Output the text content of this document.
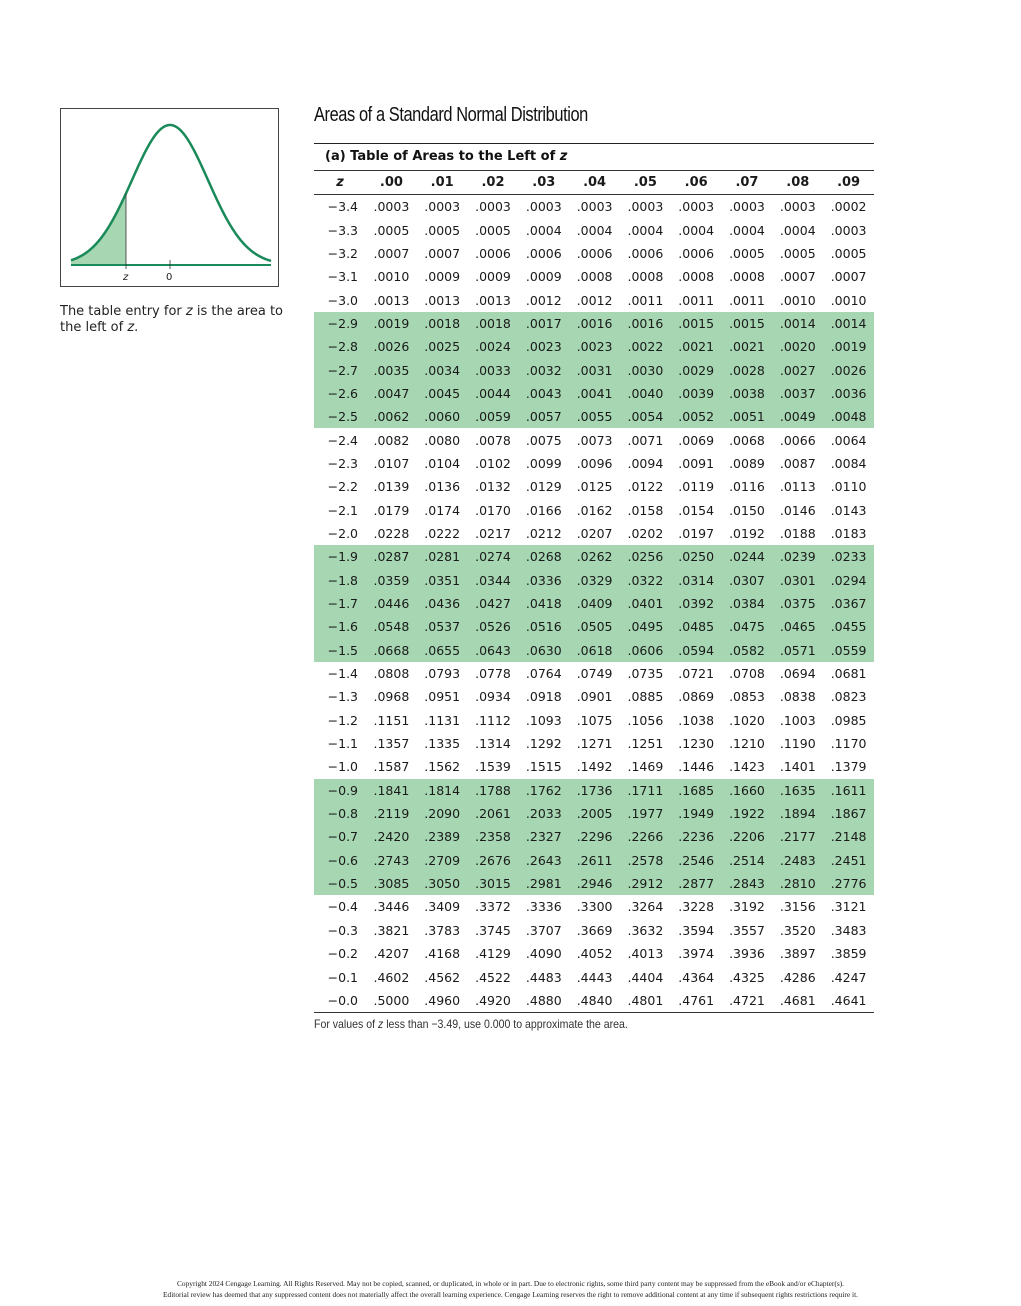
z	0
The table entry for z is the area to the left of z.
Areas of a Standard Normal Distribution
(a) Table of Areas to the Left of z
z	.00	.01	.02	.03	.04	.05	.06	.07	.08	.09
−3.4	.0003	.0003	.0003	.0003	.0003	.0003	.0003	.0003	.0003	.0002
−3.3	.0005	.0005	.0005	.0004	.0004	.0004	.0004	.0004	.0004	.0003
−3.2	.0007	.0007	.0006	.0006	.0006	.0006	.0006	.0005	.0005	.0005
−3.1	.0010	.0009	.0009	.0009	.0008	.0008	.0008	.0008	.0007	.0007
−3.0	.0013	.0013	.0013	.0012	.0012	.0011	.0011	.0011	.0010	.0010
−2.9	.0019	.0018	.0018	.0017	.0016	.0016	.0015	.0015	.0014	.0014
−2.8	.0026	.0025	.0024	.0023	.0023	.0022	.0021	.0021	.0020	.0019
−2.7	.0035	.0034	.0033	.0032	.0031	.0030	.0029	.0028	.0027	.0026
−2.6	.0047	.0045	.0044	.0043	.0041	.0040	.0039	.0038	.0037	.0036
−2.5	.0062	.0060	.0059	.0057	.0055	.0054	.0052	.0051	.0049	.0048
−2.4	.0082	.0080	.0078	.0075	.0073	.0071	.0069	.0068	.0066	.0064
−2.3	.0107	.0104	.0102	.0099	.0096	.0094	.0091	.0089	.0087	.0084
−2.2	.0139	.0136	.0132	.0129	.0125	.0122	.0119	.0116	.0113	.0110
−2.1	.0179	.0174	.0170	.0166	.0162	.0158	.0154	.0150	.0146	.0143
−2.0	.0228	.0222	.0217	.0212	.0207	.0202	.0197	.0192	.0188	.0183
−1.9	.0287	.0281	.0274	.0268	.0262	.0256	.0250	.0244	.0239	.0233
−1.8	.0359	.0351	.0344	.0336	.0329	.0322	.0314	.0307	.0301	.0294
−1.7	.0446	.0436	.0427	.0418	.0409	.0401	.0392	.0384	.0375	.0367
−1.6	.0548	.0537	.0526	.0516	.0505	.0495	.0485	.0475	.0465	.0455
−1.5	.0668	.0655	.0643	.0630	.0618	.0606	.0594	.0582	.0571	.0559
−1.4	.0808	.0793	.0778	.0764	.0749	.0735	.0721	.0708	.0694	.0681
−1.3	.0968	.0951	.0934	.0918	.0901	.0885	.0869	.0853	.0838	.0823
−1.2	.1151	.1131	.1112	.1093	.1075	.1056	.1038	.1020	.1003	.0985
−1.1	.1357	.1335	.1314	.1292	.1271	.1251	.1230	.1210	.1190	.1170
−1.0	.1587	.1562	.1539	.1515	.1492	.1469	.1446	.1423	.1401	.1379
−0.9	.1841	.1814	.1788	.1762	.1736	.1711	.1685	.1660	.1635	.1611
−0.8	.2119	.2090	.2061	.2033	.2005	.1977	.1949	.1922	.1894	.1867
−0.7	.2420	.2389	.2358	.2327	.2296	.2266	.2236	.2206	.2177	.2148
−0.6	.2743	.2709	.2676	.2643	.2611	.2578	.2546	.2514	.2483	.2451
−0.5	.3085	.3050	.3015	.2981	.2946	.2912	.2877	.2843	.2810	.2776
−0.4	.3446	.3409	.3372	.3336	.3300	.3264	.3228	.3192	.3156	.3121
−0.3	.3821	.3783	.3745	.3707	.3669	.3632	.3594	.3557	.3520	.3483
−0.2	.4207	.4168	.4129	.4090	.4052	.4013	.3974	.3936	.3897	.3859
−0.1	.4602	.4562	.4522	.4483	.4443	.4404	.4364	.4325	.4286	.4247
−0.0	.5000	.4960	.4920	.4880	.4840	.4801	.4761	.4721	.4681	.4641
For values of z less than −3.49, use 0.000 to approximate the area.
Copyright 2024 Cengage Learning. All Rights Reserved. May not be copied, scanned, or duplicated, in whole or in part. Due to electronic rights, some third party content may be suppressed from the eBook and/or eChapter(s).
Editorial review has deemed that any suppressed content does not materially affect the overall learning experience. Cengage Learning reserves the right to remove additional content at any time if subsequent rights restrictions require it.
